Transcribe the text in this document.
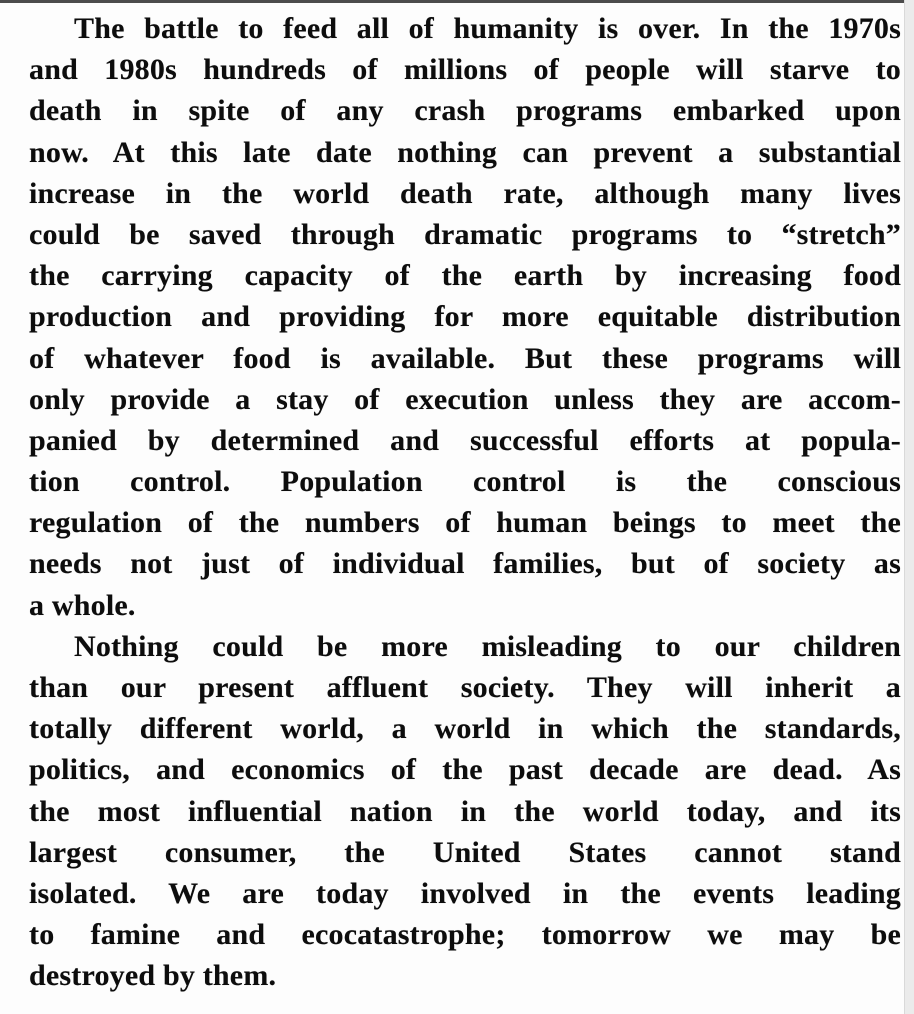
The battle to feed all of humanity is over. In the 1970s
and 1980s hundreds of millions of people will starve to
death in spite of any crash programs embarked upon
now. At this late date nothing can prevent a substantial
increase in the world death rate, although many lives
could be saved through dramatic programs to “stretch”
the carrying capacity of the earth by increasing food
production and providing for more equitable distribution
of whatever food is available. But these programs will
only provide a stay of execution unless they are accom-
panied by determined and successful efforts at popula-
tion control. Population control is the conscious
regulation of the numbers of human beings to meet the
needs not just of individual families, but of society as
a whole.
Nothing could be more misleading to our children
than our present affluent society. They will inherit a
totally different world, a world in which the standards,
politics, and economics of the past decade are dead. As
the most influential nation in the world today, and its
largest consumer, the United States cannot stand
isolated. We are today involved in the events leading
to famine and ecocatastrophe; tomorrow we may be
destroyed by them.
